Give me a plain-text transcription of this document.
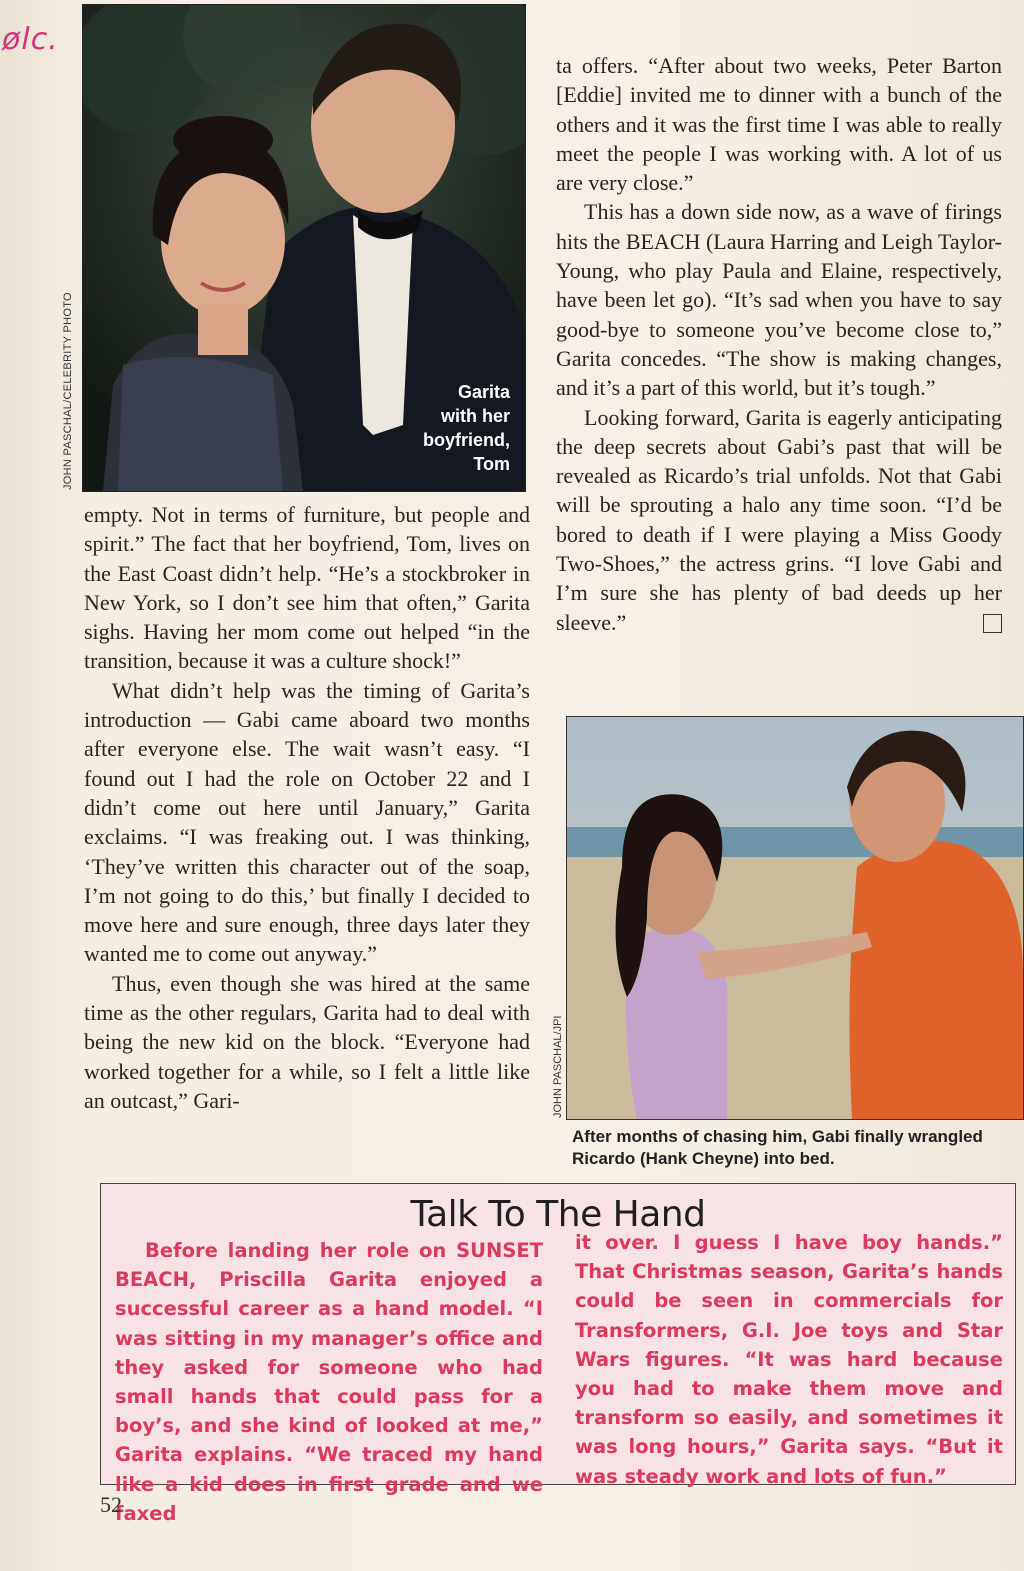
ølc.
JOHN PASCHAL/CELEBRITY PHOTO	Garita
with her
boyfriend,
Tom

ta offers. “After about two weeks, Peter Barton [Eddie] invited me to dinner with a bunch of the others and it was the first time I was able to really meet the people I was working with. A lot of us are very close.”

This has a down side now, as a wave of firings hits the BEACH (Laura Harring and Leigh Taylor-Young, who play Paula and Elaine, respectively, have been let go). “It’s sad when you have to say good-bye to someone you’ve become close to,” Garita concedes. “The show is making changes, and it’s a part of this world, but it’s tough.”

Looking forward, Garita is eagerly anticipating the deep secrets about Gabi’s past that will be revealed as Ricardo’s trial unfolds. Not that Gabi will be sprouting a halo any time soon. “I’d be bored to death if I were playing a Miss Goody Two-Shoes,” the actress grins. “I love Gabi and I’m sure she has plenty of bad deeds up her sleeve.”

empty. Not in terms of furniture, but people and spirit.” The fact that her boyfriend, Tom, lives on the East Coast didn’t help. “He’s a stockbroker in New York, so I don’t see him that often,” Garita sighs. Having her mom come out helped “in the transition, because it was a culture shock!”

What didn’t help was the timing of Garita’s introduction — Gabi came aboard two months after everyone else. The wait wasn’t easy. “I found out I had the role on October 22 and I didn’t come out here until January,” Garita exclaims. “I was freaking out. I was thinking, ‘They’ve written this character out of the soap, I’m not going to do this,’ but finally I decided to move here and sure enough, three days later they wanted me to come out anyway.”

Thus, even though she was hired at the same time as the other regulars, Garita had to deal with being the new kid on the block. “Everyone had worked together for a while, so I felt a little like an outcast,” Gari-	JOHN PASCHAL/JPI
After months of chasing him, Gabi finally wrangled Ricardo (Hank Cheyne) into bed.
Talk To The Hand
Before landing her role on SUNSET BEACH, Priscilla Garita enjoyed a successful career as a hand model. “I was sitting in my manager’s office and they asked for someone who had small hands that could pass for a boy’s, and she kind of looked at me,” Garita explains. “We traced my hand like a kid does in first grade and we faxed
it over. I guess I have boy hands.” That Christmas season, Garita’s hands could be seen in commercials for Transformers, G.I. Joe toys and Star Wars figures. “It was hard because you had to make them move and transform so easily, and sometimes it was long hours,” Garita says. “But it was steady work and lots of fun.”
52
